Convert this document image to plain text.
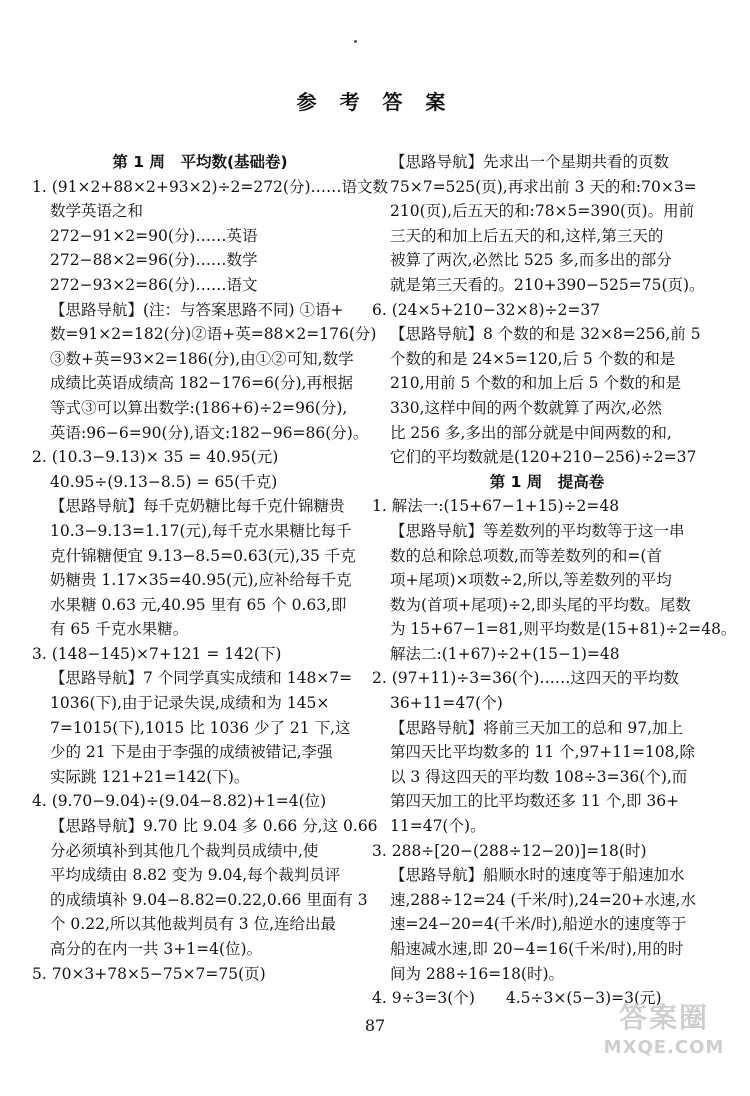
参 考 答 案
第 1 周　平均数(基础卷)
1. (91×2+88×2+93×2)÷2=272(分)……语文数
数学英语之和
272−91×2=90(分)……英语
272−88×2=96(分)……数学
272−93×2=86(分)……语文
【思路导航】(注：与答案思路不同) ①语+
数=91×2=182(分)②语+英=88×2=176(分)
③数+英=93×2=186(分),由①②可知,数学
成绩比英语成绩高 182−176=6(分),再根据
等式③可以算出数学:(186+6)÷2=96(分),
英语:96−6=90(分),语文:182−96=86(分)。
2. (10.3−9.13)× 35 = 40.95(元)
40.95÷(9.13−8.5) = 65(千克)
【思路导航】每千克奶糖比每千克什锦糖贵
10.3−9.13=1.17(元),每千克水果糖比每千
克什锦糖便宜 9.13−8.5=0.63(元),35 千克
奶糖贵 1.17×35=40.95(元),应补给每千克
水果糖 0.63 元,40.95 里有 65 个 0.63,即
有 65 千克水果糖。
3. (148−145)×7+121 = 142(下)
【思路导航】7 个同学真实成绩和 148×7=
1036(下),由于记录失误,成绩和为 145×
7=1015(下),1015 比 1036 少了 21 下,这
少的 21 下是由于李强的成绩被错记,李强
实际跳 121+21=142(下)。
4. (9.70−9.04)÷(9.04−8.82)+1=4(位)
【思路导航】9.70 比 9.04 多 0.66 分,这 0.66
分必须填补到其他几个裁判员成绩中,使
平均成绩由 8.82 变为 9.04,每个裁判员评
的成绩填补 9.04−8.82=0.22,0.66 里面有 3
个 0.22,所以其他裁判员有 3 位,连给出最
高分的在内一共 3+1=4(位)。
5. 70×3+78×5−75×7=75(页)
【思路导航】先求出一个星期共看的页数
75×7=525(页),再求出前 3 天的和:70×3=
210(页),后五天的和:78×5=390(页)。用前
三天的和加上后五天的和,这样,第三天的
被算了两次,必然比 525 多,而多出的部分
就是第三天看的。210+390−525=75(页)。
6. (24×5+210−32×8)÷2=37
【思路导航】8 个数的和是 32×8=256,前 5
个数的和是 24×5=120,后 5 个数的和是
210,用前 5 个数的和加上后 5 个数的和是
330,这样中间的两个数就算了两次,必然
比 256 多,多出的部分就是中间两数的和,
它们的平均数就是(120+210−256)÷2=37
第 1 周　提高卷
1. 解法一:(15+67−1+15)÷2=48
【思路导航】等差数列的平均数等于这一串
数的总和除总项数,而等差数列的和=(首
项+尾项)×项数÷2,所以,等差数列的平均
数为(首项+尾项)÷2,即头尾的平均数。尾数
为 15+67−1=81,则平均数是(15+81)÷2=48。
解法二:(1+67)÷2+(15−1)=48
2. (97+11)÷3=36(个)……这四天的平均数
36+11=47(个)
【思路导航】将前三天加工的总和 97,加上
第四天比平均数多的 11 个,97+11=108,除
以 3 得这四天的平均数 108÷3=36(个),而
第四天加工的比平均数还多 11 个,即 36+
11=47(个)。
3. 288÷[20−(288÷12−20)]=18(时)
【思路导航】船顺水时的速度等于船速加水
速,288÷12=24 (千米/时),24=20+水速,水
速=24−20=4(千米/时),船逆水的速度等于
船速减水速,即 20−4=16(千米/时),用的时
间为 288÷16=18(时)。
4. 9÷3=3(个)　　4.5÷3×(5−3)=3(元)
87	答案圈
MXQE.COM
